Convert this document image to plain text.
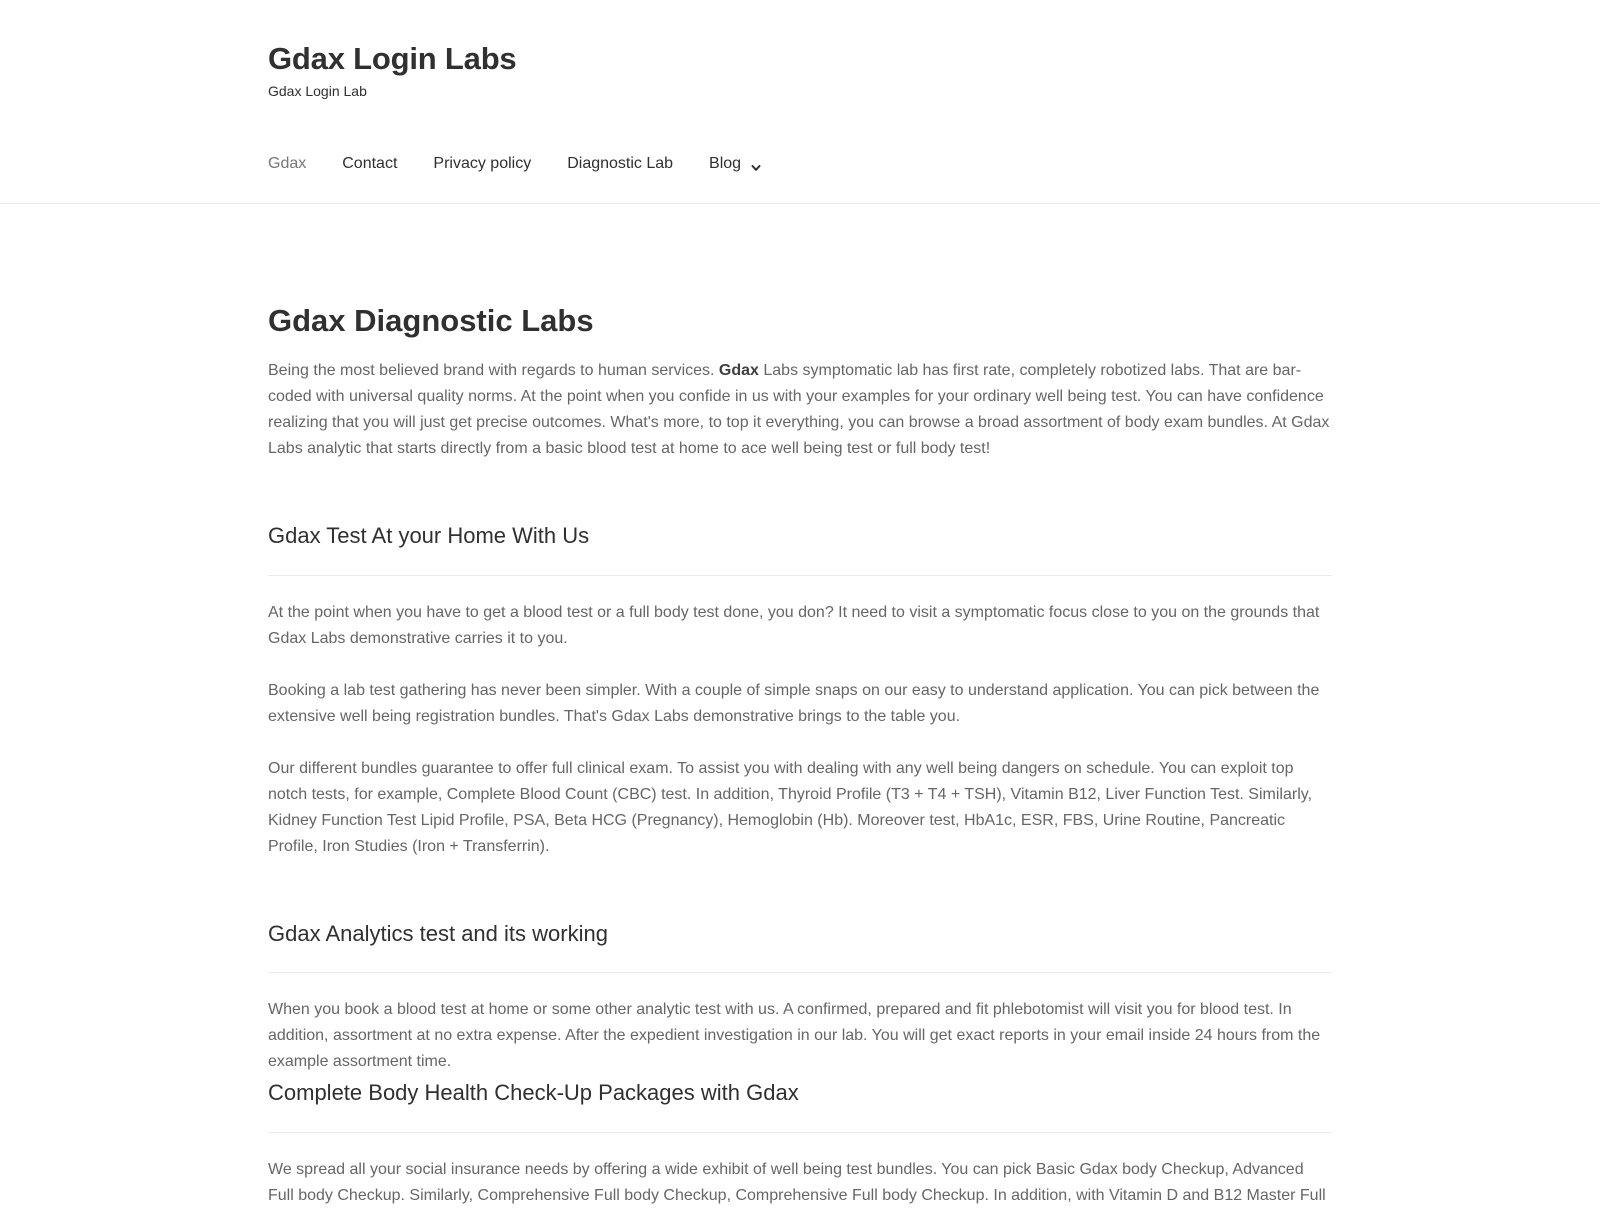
Gdax Login Labs

Gdax Login Lab

Gdax Contact Privacy policy Diagnostic Lab Blog
Gdax Diagnostic Labs

Being the most believed brand with regards to human services. Gdax Labs symptomatic lab has first rate, completely robotized labs. That are bar-coded with universal quality norms. At the point when you confide in us with your examples for your ordinary well being test. You can have confidence realizing that you will just get precise outcomes. What's more, to top it everything, you can browse a broad assortment of body exam bundles. At Gdax Labs analytic that starts directly from a basic blood test at home to ace well being test or full body test!

Gdax Test At your Home With Us

At the point when you have to get a blood test or a full body test done, you don? It need to visit a symptomatic focus close to you on the grounds that Gdax Labs demonstrative carries it to you.

Booking a lab test gathering has never been simpler. With a couple of simple snaps on our easy to understand application. You can pick between the extensive well being registration bundles. That's Gdax Labs demonstrative brings to the table you.

Our different bundles guarantee to offer full clinical exam. To assist you with dealing with any well being dangers on schedule. You can exploit top notch tests, for example, Complete Blood Count (CBC) test. In addition, Thyroid Profile (T3 + T4 + TSH), Vitamin B12, Liver Function Test. Similarly, Kidney Function Test Lipid Profile, PSA, Beta HCG (Pregnancy), Hemoglobin (Hb). Moreover test, HbA1c, ESR, FBS, Urine Routine, Pancreatic Profile, Iron Studies (Iron + Transferrin).

Gdax Analytics test and its working

When you book a blood test at home or some other analytic test with us. A confirmed, prepared and fit phlebotomist will visit you for blood test. In addition, assortment at no extra expense. After the expedient investigation in our lab. You will get exact reports in your email inside 24 hours from the example assortment time.

Complete Body Health Check-Up Packages with Gdax

We spread all your social insurance needs by offering a wide exhibit of well being test bundles. You can pick Basic Gdax body Checkup, Advanced Full body Checkup. Similarly, Comprehensive Full body Checkup, Comprehensive Full body Checkup. In addition, with Vitamin D and B12 Master Full
